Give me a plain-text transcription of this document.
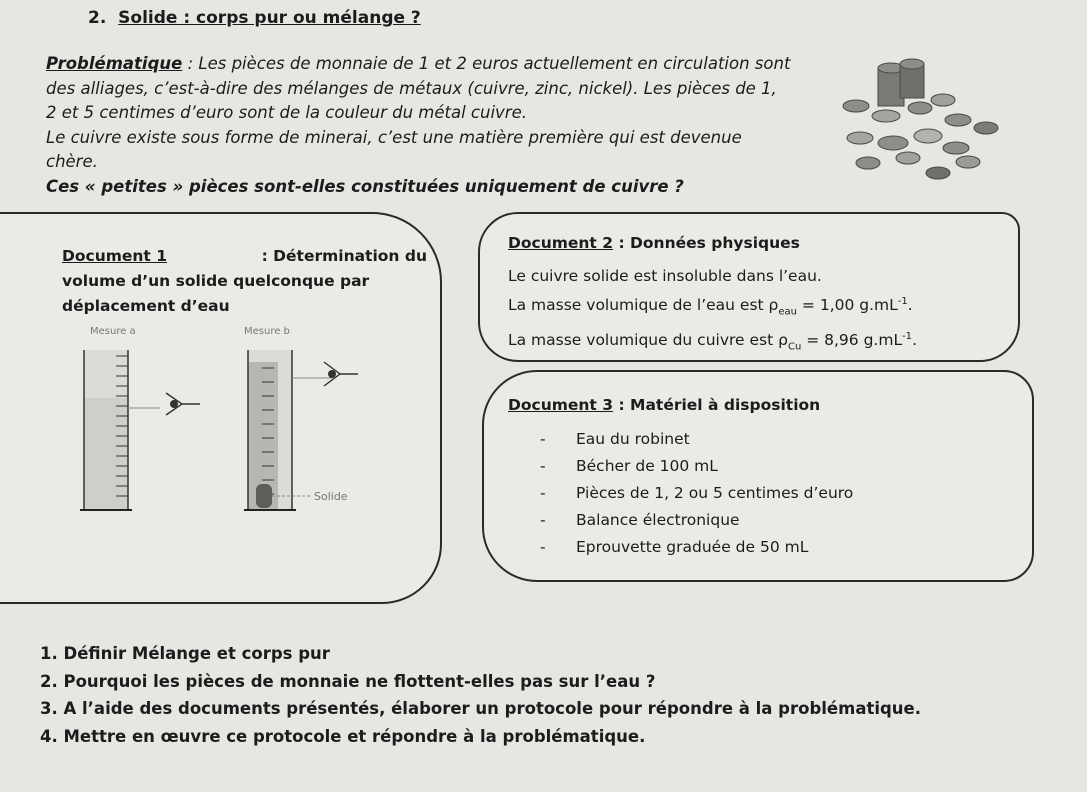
2. Solide : corps pur ou mélange ?

Problématique : Les pièces de monnaie de 1 et 2 euros actuellement en circulation sont

des alliages, c’est-à-dire des mélanges de métaux (cuivre, zinc, nickel). Les pièces de 1,

2 et 5 centimes d’euro sont de la couleur du métal cuivre.

Le cuivre existe sous forme de minerai, c’est une matière première qui est devenue

chère.

Ces « petites » pièces sont-elles constituées uniquement de cuivre ?

Document 1	: Détermination du
volume d’un solide quelconque par
déplacement d’eau
Mesure a	Mesure b
Solide
Document 2 : Données physiques
Le cuivre solide est insoluble dans l’eau.
La masse volumique de l’eau est $\rho_{eau} = 1,00$ $g.mL^{-1}$.
La masse volumique du cuivre est $\rho_{Cu} = 8,96$ $g.mL^{-1}$.
Document 3 : Matériel à disposition
-	Eau du robinet
-	Bécher de 100 mL
-	Pièces de 1, 2 ou 5 centimes d’euro
-	Balance électronique
-	Eprouvette graduée de 50 mL
1. Définir Mélange et corps pur
2. Pourquoi les pièces de monnaie ne flottent-elles pas sur l’eau ?
3. A l’aide des documents présentés, élaborer un protocole pour répondre à la problématique.
4. Mettre en œuvre ce protocole et répondre à la problématique.
